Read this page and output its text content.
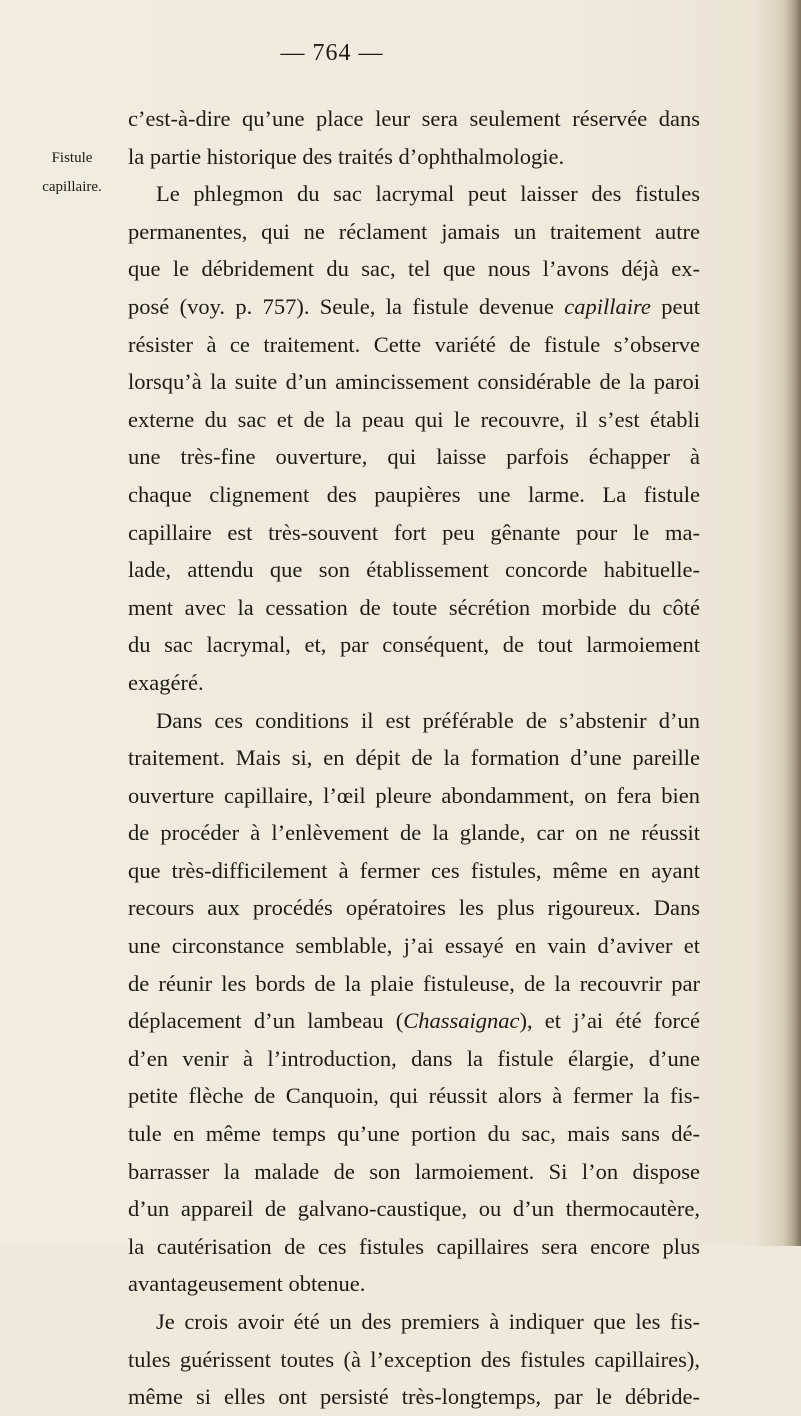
— 764 —
Fistule
capillaire.
c’est-à-dire qu’une place leur sera seulement réservée dans
la partie historique des traités d’ophthalmologie.
Le phlegmon du sac lacrymal peut laisser des fistules
permanentes, qui ne réclament jamais un traitement autre
que le débridement du sac, tel que nous l’avons déjà ex-
posé (voy. p. 757). Seule, la fistule devenue capillaire peut
résister à ce traitement. Cette variété de fistule s’observe
lorsqu’à la suite d’un amincissement considérable de la paroi
externe du sac et de la peau qui le recouvre, il s’est établi
une très-fine ouverture, qui laisse parfois échapper à
chaque clignement des paupières une larme. La fistule
capillaire est très-souvent fort peu gênante pour le ma-
lade, attendu que son établissement concorde habituelle-
ment avec la cessation de toute sécrétion morbide du côté
du sac lacrymal, et, par conséquent, de tout larmoiement
exagéré.
Dans ces conditions il est préférable de s’abstenir d’un
traitement. Mais si, en dépit de la formation d’une pareille
ouverture capillaire, l’œil pleure abondamment, on fera bien
de procéder à l’enlèvement de la glande, car on ne réussit
que très-difficilement à fermer ces fistules, même en ayant
recours aux procédés opératoires les plus rigoureux. Dans
une circonstance semblable, j’ai essayé en vain d’aviver et
de réunir les bords de la plaie fistuleuse, de la recouvrir par
déplacement d’un lambeau (Chassaignac), et j’ai été forcé
d’en venir à l’introduction, dans la fistule élargie, d’une
petite flèche de Canquoin, qui réussit alors à fermer la fis-
tule en même temps qu’une portion du sac, mais sans dé-
barrasser la malade de son larmoiement. Si l’on dispose
d’un appareil de galvano-caustique, ou d’un thermocautère,
la cautérisation de ces fistules capillaires sera encore plus
avantageusement obtenue.
Je crois avoir été un des premiers à indiquer que les fis-
tules guérissent toutes (à l’exception des fistules capillaires),
même si elles ont persisté très-longtemps, par le débride-
